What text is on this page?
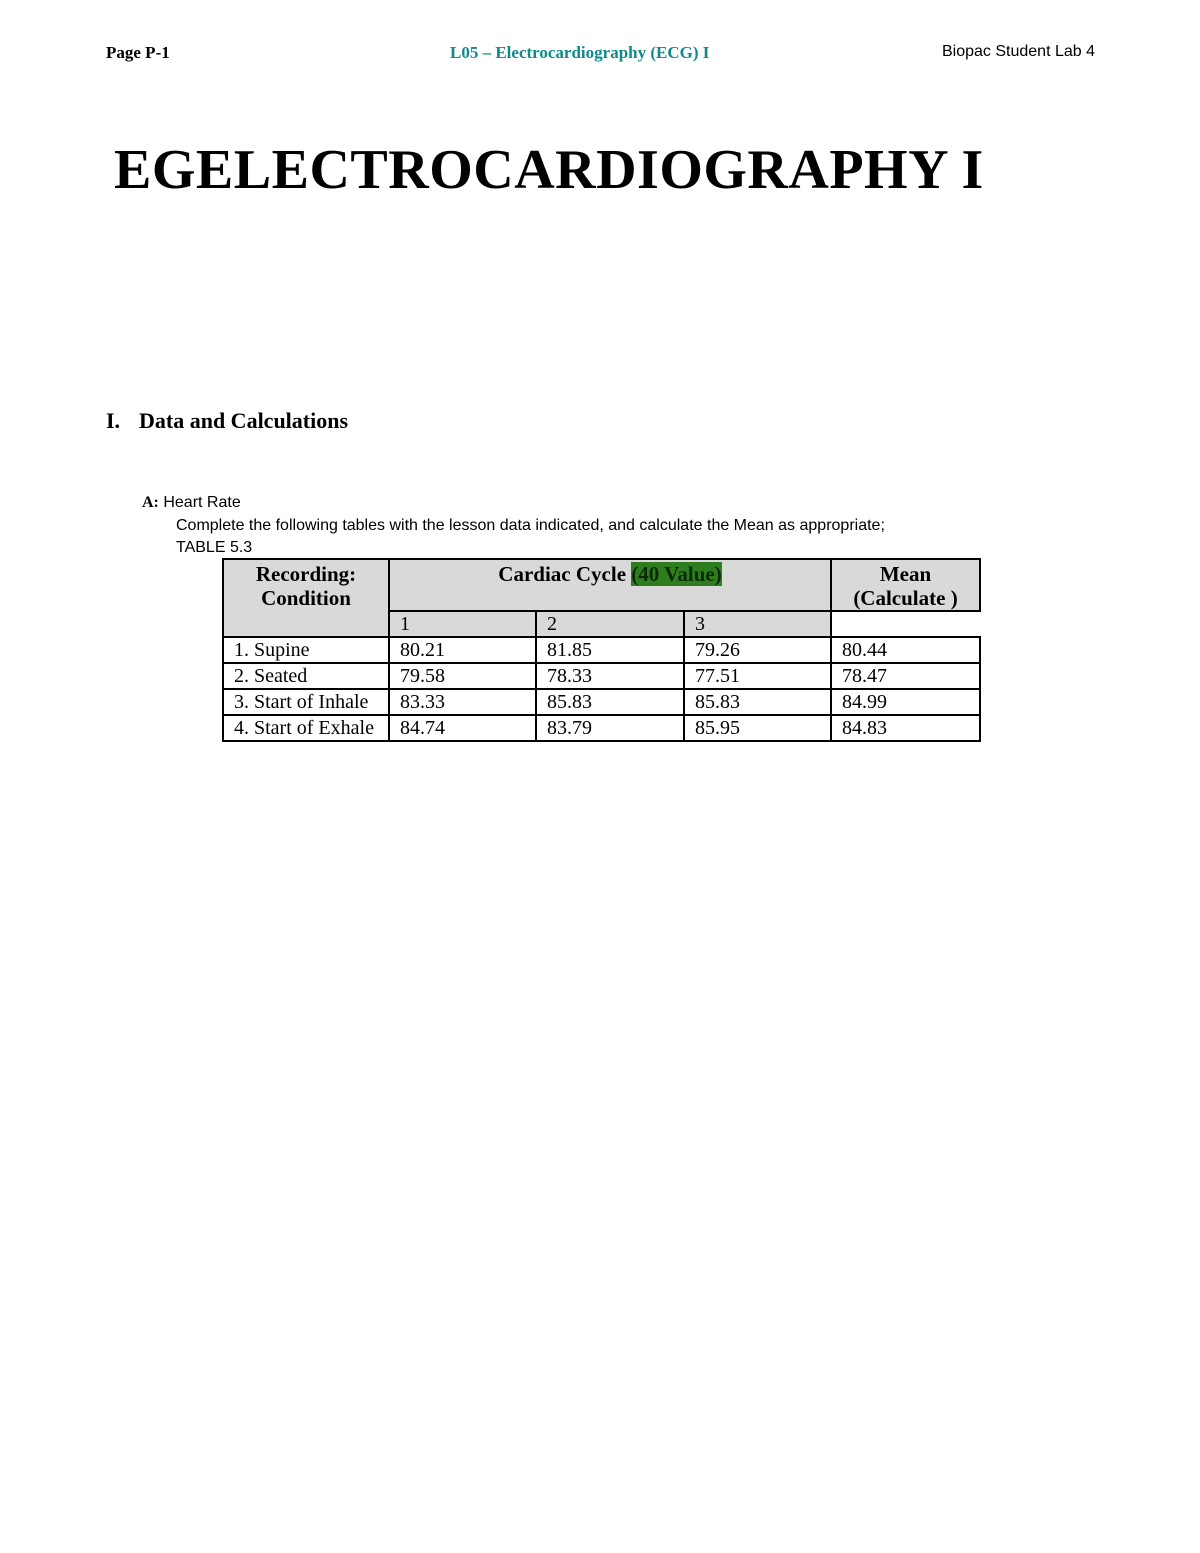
Page P-1	L05 – Electrocardiography (ECG) I	Biopac Student Lab 4
EGELECTROCARDIOGRAPHY I
I. Data and Calculations
A: Heart Rate
Complete the following tables with the lesson data indicated, and calculate the Mean as appropriate;
TABLE 5.3
Recording:
Condition	Cardiac Cycle (40 Value)			Mean
(Calculate )
	1	2	3	
1. Supine	80.21	81.85	79.26	80.44
2. Seated	79.58	78.33	77.51	78.47
3. Start of Inhale	83.33	85.83	85.83	84.99
4. Start of Exhale	84.74	83.79	85.95	84.83
